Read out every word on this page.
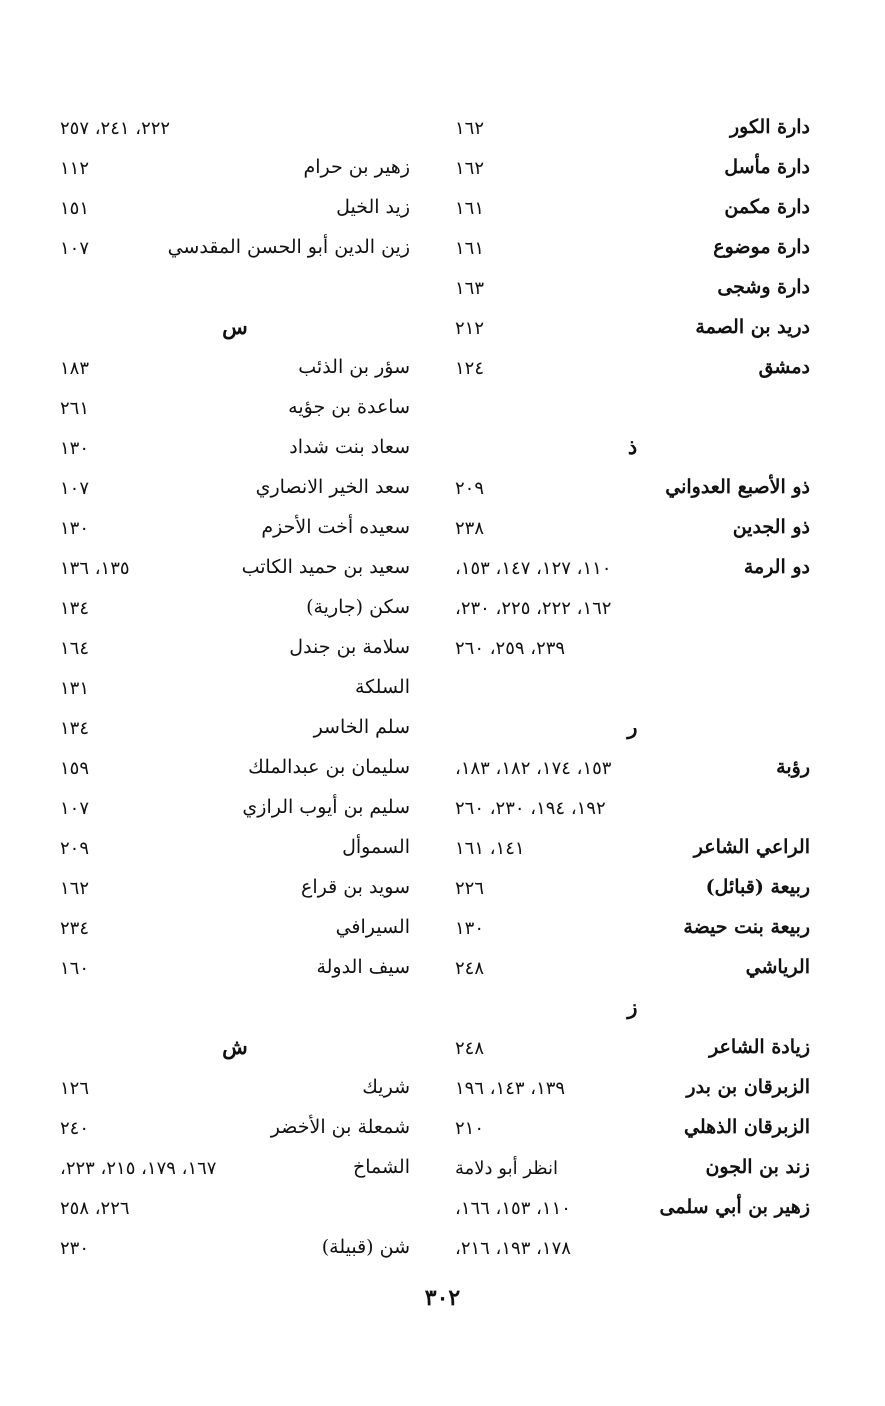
دارة الكور
١٦٢
دارة مأسل
١٦٢
دارة مكمن
١٦١
دارة موضوع
١٦١
دارة وشجى
١٦٣
دريد بن الصمة
٢١٢
دمشق
١٢٤
ذ
ذو الأصبع العدواني
٢٠٩
ذو الجدين
٢٣٨
دو الرمة
١١٠، ١٢٧، ١٤٧، ١٥٣،
١٦٢، ٢٢٢، ٢٢٥، ٢٣٠،
٢٣٩، ٢٥٩، ٢٦٠
ر
رؤبة
١٥٣، ١٧٤، ١٨٢، ١٨٣،
١٩٢، ١٩٤، ٢٣٠، ٢٦٠
الراعي الشاعر
١٤١، ١٦١
ربيعة (قبائل)
٢٢٦
ربيعة بنت حيضة
١٣٠
الرياشي
٢٤٨
ز
زيادة الشاعر
٢٤٨
الزبرقان بن بدر
١٣٩، ١٤٣، ١٩٦
الزبرقان الذهلي
٢١٠
زند بن الجون
انظر أبو دلامة
زهير بن أبي سلمى
١١٠، ١٥٣، ١٦٦،
١٧٨، ١٩٣، ٢١٦،
٢٢٢، ٢٤١، ٢٥٧
زهير بن حرام
١١٢
زيد الخيل
١٥١
زين الدين أبو الحسن المقدسي
١٠٧
س
سؤر بن الذئب
١٨٣
ساعدة بن جؤيه
٢٦١
سعاد بنت شداد
١٣٠
سعد الخير الانصاري
١٠٧
سعيده أخت الأحزم
١٣٠
سعيد بن حميد الكاتب
١٣٥، ١٣٦
سكن (جارية)
١٣٤
سلامة بن جندل
١٦٤
السلكة
١٣١
سلم الخاسر
١٣٤
سليمان بن عبدالملك
١٥٩
سليم بن أيوب الرازي
١٠٧
السموأل
٢٠٩
سويد بن قراع
١٦٢
السيرافي
٢٣٤
سيف الدولة
١٦٠
ش
شريك
١٢٦
شمعلة بن الأخضر
٢٤٠
الشماخ
١٦٧، ١٧٩، ٢١٥، ٢٢٣،
٢٢٦، ٢٥٨
شن (قبيلة)
٢٣٠
٣٠٢
